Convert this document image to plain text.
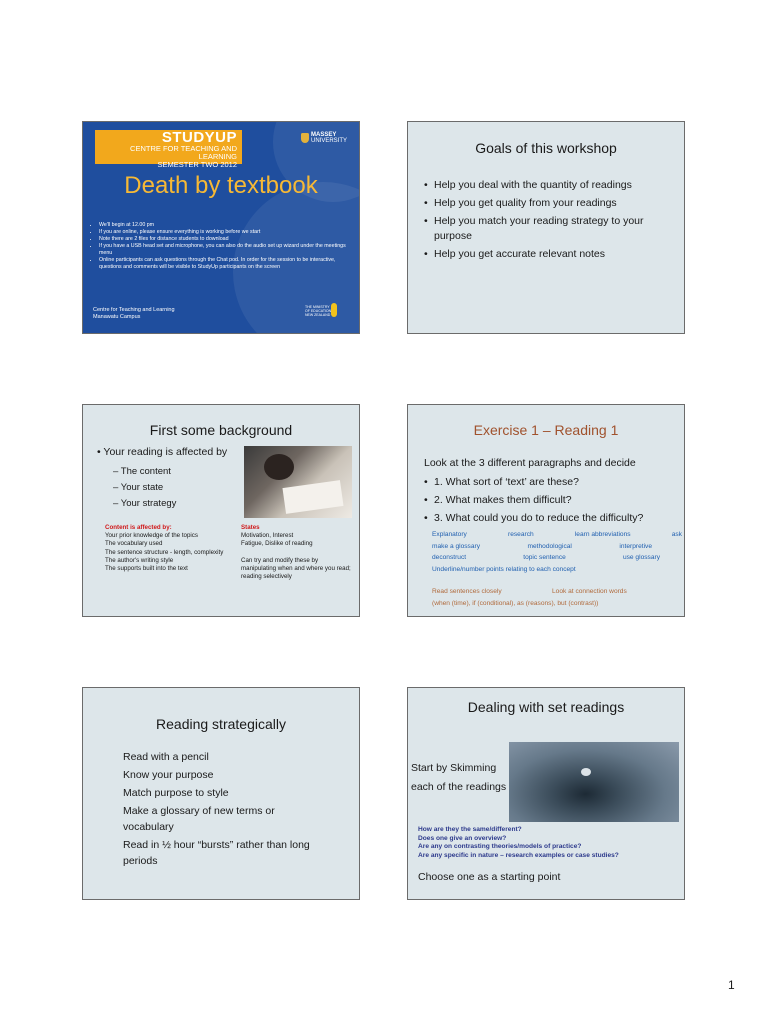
STUDYUP
CENTRE FOR TEACHING AND LEARNING
SEMESTER TWO 2012
MASSEY
UNIVERSITY
Death by textbook
• We'll begin at 12.00 pm
• If you are online, please ensure everything is working before we start
• Note there are 2 files for distance students to download
• If you have a USB head set and microphone, you can also do the audio set up wizard under the meetings menu
• Online participants can ask questions through the Chat pod. In order for the session to be interactive, questions and comments will be visible to StudyUp participants on the screen
Centre for Teaching and Learning
Manawatu Campus
THE MINISTRY
OF EDUCATION
NEW ZEALAND
Goals of this workshop
• Help you deal with the quantity of readings
• Help you get quality from your readings
• Help you match your reading strategy to your purpose
• Help you get accurate relevant notes
First some background
• Your reading is affected by
– The content
– Your state
– Your strategy
Content is affected by:
Your prior knowledge of the topics
The vocabulary used
The sentence structure - length, complexity
The author's writing style
The supports built into the text
States
Motivation, Interest
Fatigue, Dislike of reading
Can try and modify these by manipulating when and where you read; reading selectively
Exercise 1 – Reading 1
Look at the 3 different paragraphs and decide
• 1. What sort of ‘text’ are these?
• 2. What makes them difficult?
• 3. What could you do to reduce the difficulty?
Explanatory	research	learn abbreviations	ask
make a glossary	methodological	interpretive
deconstruct	topic sentence	use glossary
Underline/number points relating to each concept
Read sentences closely	Look at connection words
(when (time), if (conditional), as (reasons), but (contrast))
Reading strategically
Read with a pencil
Know your purpose
Match purpose to style
Make a glossary of new terms or vocabulary
Read in ½ hour “bursts” rather than long periods
Dealing with set readings
Start by Skimming each of the readings
How are they the same/different?
Does one give an overview?
Are any on contrasting theories/models of practice?
Are any specific in nature – research examples or case studies?
Choose one as a starting point
1
